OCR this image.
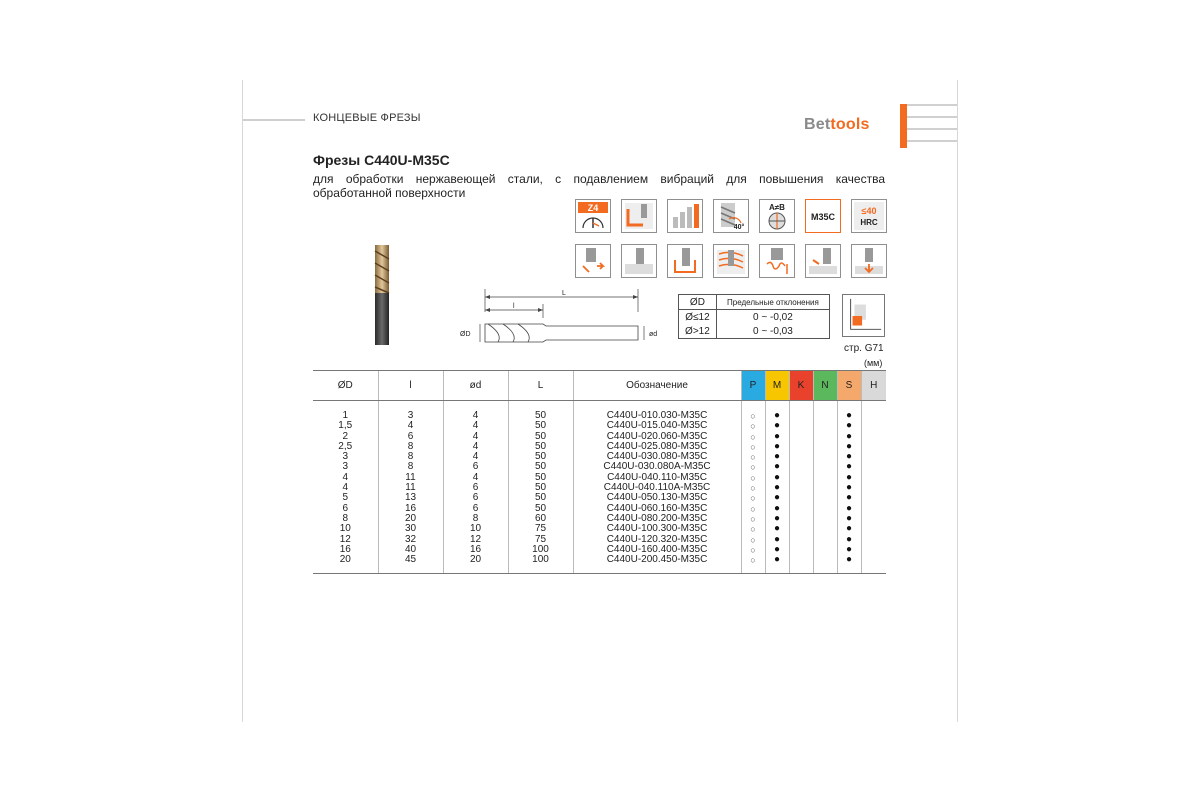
КОНЦЕВЫЕ ФРЕЗЫ	Bettools
Фрезы C440U-M35C
для обработки нержавеющей стали, с подавлением вибраций для повышения качества обработанной поверхности
Z4
40°
A≠B
M35C
≤40
HRC
L
l
ØD	ød
ØD	Предельные отклонения
Ø≤12	0 ~ -0,02
Ø>12	0 ~ -0,03
стр. G71
(мм)
ØD	l	ød	L	Обозначение	P	M	K	N	S	H

1	3	4	50	C440U-010.030-M35C	○	●			●	
1,5	4	4	50	C440U-015.040-M35C	○	●			●	
2	6	4	50	C440U-020.060-M35C	○	●			●	
2,5	8	4	50	C440U-025.080-M35C	○	●			●	
3	8	4	50	C440U-030.080-M35C	○	●			●	
3	8	6	50	C440U-030.080A-M35C	○	●			●	
4	11	4	50	C440U-040.110-M35C	○	●			●	
4	11	6	50	C440U-040.110A-M35C	○	●			●	
5	13	6	50	C440U-050.130-M35C	○	●			●	
6	16	6	50	C440U-060.160-M35C	○	●			●	
8	20	8	60	C440U-080.200-M35C	○	●			●	
10	30	10	75	C440U-100.300-M35C	○	●			●	
12	32	12	75	C440U-120.320-M35C	○	●			●	
16	40	16	100	C440U-160.400-M35C	○	●			●	
20	45	20	100	C440U-200.450-M35C	○	●			●	
